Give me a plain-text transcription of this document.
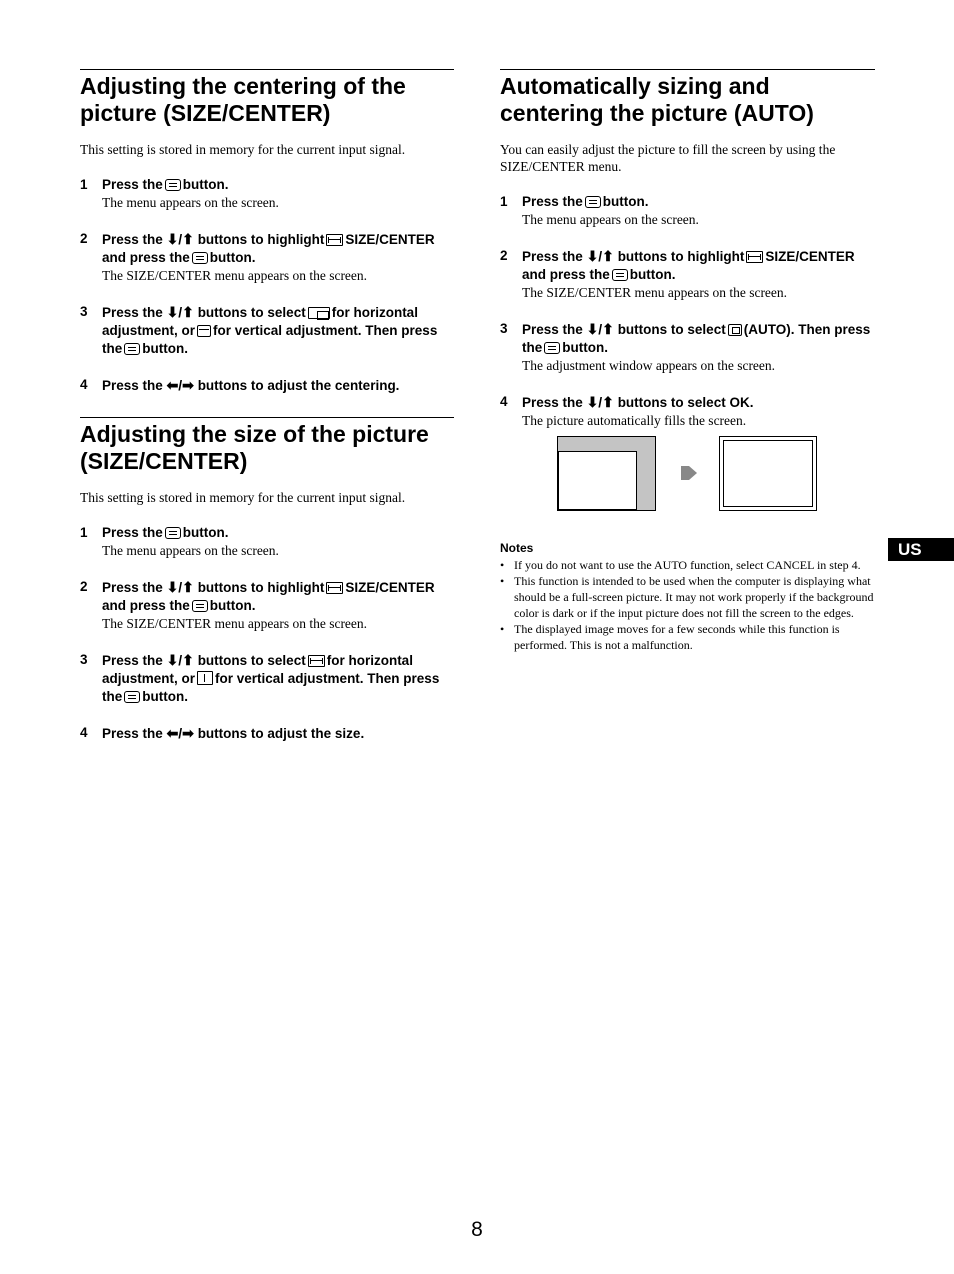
Adjusting the centering of the picture (SIZE/CENTER)

This setting is stored in memory for the current input signal.

1 Press the button.
The menu appears on the screen.
2 Press the ⬇/⬆ buttons to highlight SIZE/CENTER and press the button.
The SIZE/CENTER menu appears on the screen.
3 Press the ⬇/⬆ buttons to select for horizontal adjustment, or for vertical adjustment. Then press the button.
4 Press the ⬅/➡ buttons to adjust the centering.
Adjusting the size of the picture (SIZE/CENTER)

This setting is stored in memory for the current input signal.

1 Press the button.
The menu appears on the screen.
2 Press the ⬇/⬆ buttons to highlight SIZE/CENTER and press the button.
The SIZE/CENTER menu appears on the screen.
3 Press the ⬇/⬆ buttons to select for horizontal adjustment, or for vertical adjustment. Then press the button.
4 Press the ⬅/➡ buttons to adjust the size.
Automatically sizing and centering the picture (AUTO)

You can easily adjust the picture to fill the screen by using the SIZE/CENTER menu.

1 Press the button.
The menu appears on the screen.
2 Press the ⬇/⬆ buttons to highlight SIZE/CENTER and press the button.
The SIZE/CENTER menu appears on the screen.
3 Press the ⬇/⬆ buttons to select (AUTO). Then press the button.
The adjustment window appears on the screen.
4 Press the ⬇/⬆ buttons to select OK.
The picture automatically fills the screen.
Notes
• If you do not want to use the AUTO function, select CANCEL in step 4.
• This function is intended to be used when the computer is displaying what should be a full-screen picture. It may not work properly if the background color is dark or if the input picture does not fill the screen to the edges.
• The displayed image moves for a few seconds while this function is performed. This is not a malfunction.
US
8
